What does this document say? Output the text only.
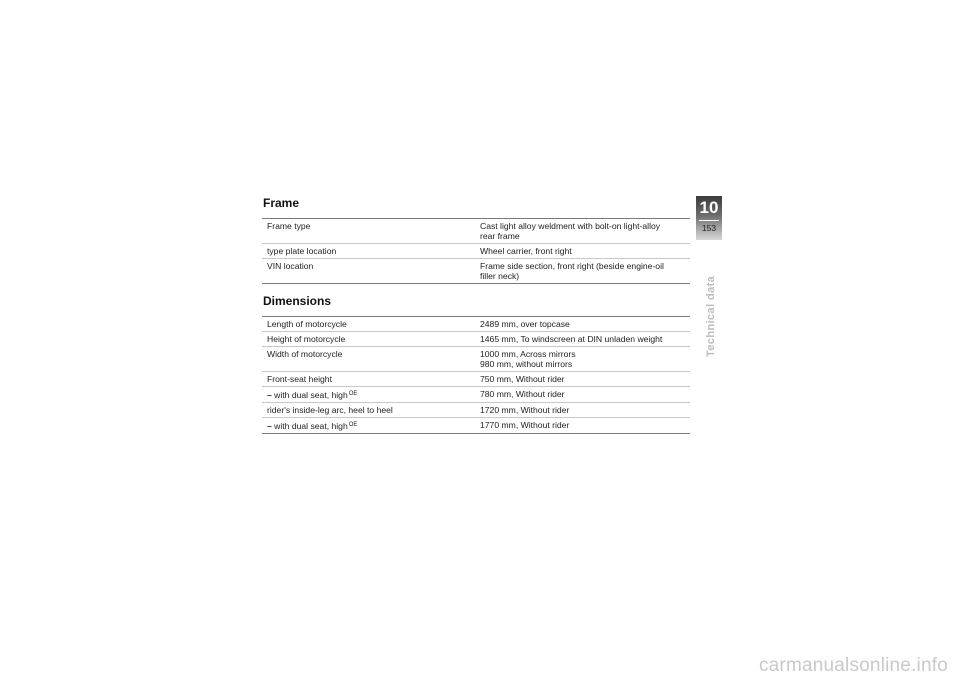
Frame
Frame type	Cast light alloy weldment with bolt-on light-alloy
rear frame

type plate location	Wheel carrier, front right

VIN location	Frame side section, front right (beside engine-oil
filler neck)
Dimensions
Length of motorcycle	2489 mm, over topcase

Height of motorcycle	1465 mm, To windscreen at DIN unladen weight

Width of motorcycle	1000 mm, Across mirrors
980 mm, without mirrors

Front-seat height	750 mm, Without rider

– with dual seat, high$^{OE}$	780 mm, Without rider

rider's inside-leg arc, heel to heel	1720 mm, Without rider

– with dual seat, high$^{OE}$	1770 mm, Without rider
10
153
Technical data
carmanualsonline.info
